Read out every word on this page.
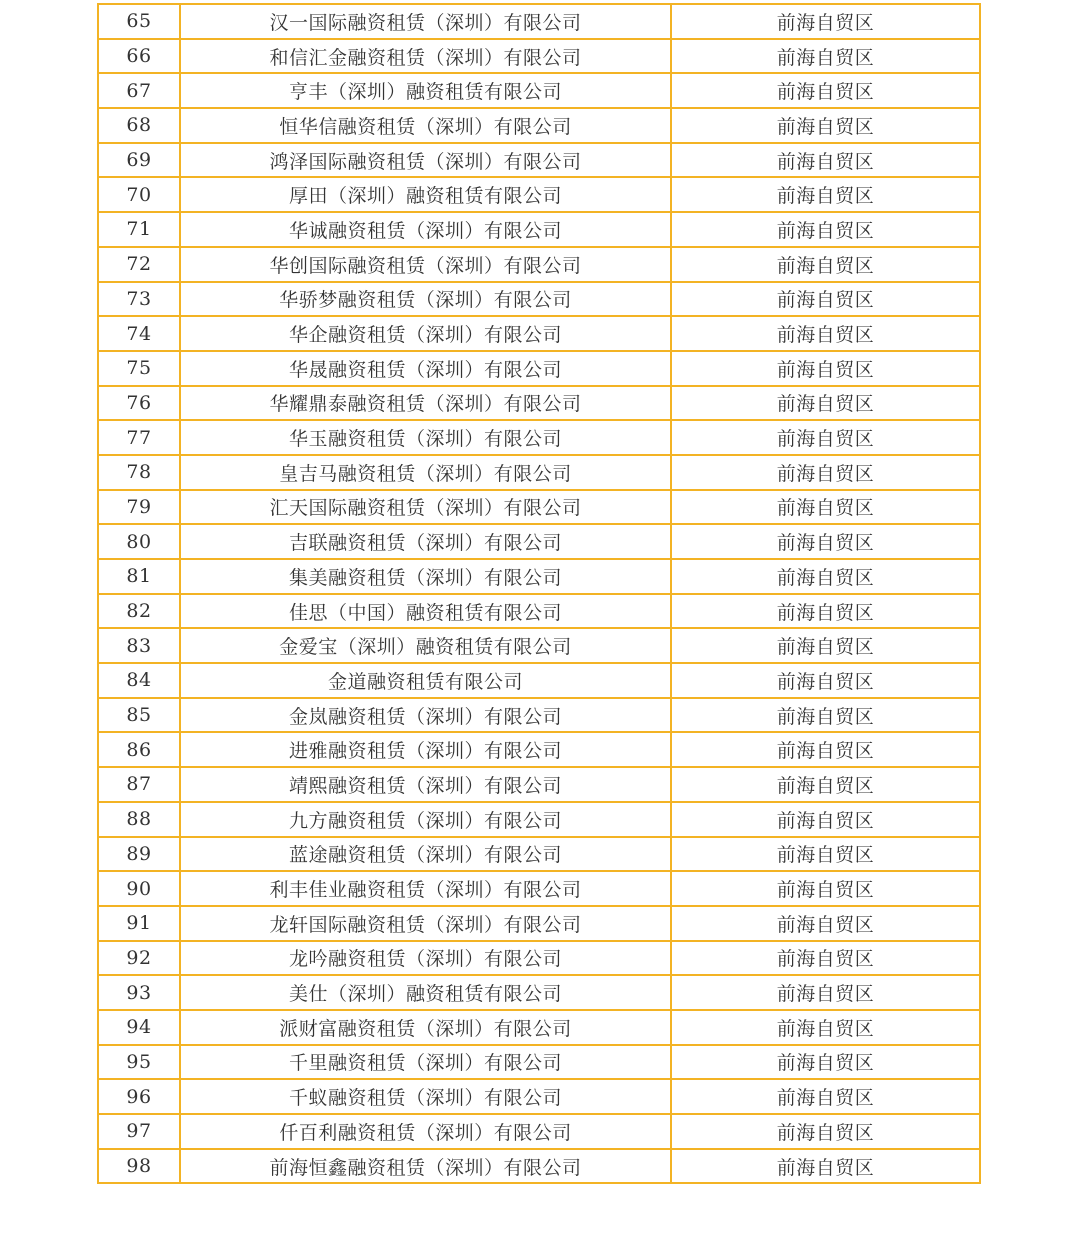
65	汉一国际融资租赁（深圳）有限公司	前海自贸区
66	和信汇金融资租赁（深圳）有限公司	前海自贸区
67	亨丰（深圳）融资租赁有限公司	前海自贸区
68	恒华信融资租赁（深圳）有限公司	前海自贸区
69	鸿泽国际融资租赁（深圳）有限公司	前海自贸区
70	厚田（深圳）融资租赁有限公司	前海自贸区
71	华诚融资租赁（深圳）有限公司	前海自贸区
72	华创国际融资租赁（深圳）有限公司	前海自贸区
73	华骄梦融资租赁（深圳）有限公司	前海自贸区
74	华企融资租赁（深圳）有限公司	前海自贸区
75	华晟融资租赁（深圳）有限公司	前海自贸区
76	华耀鼎泰融资租赁（深圳）有限公司	前海自贸区
77	华玉融资租赁（深圳）有限公司	前海自贸区
78	皇吉马融资租赁（深圳）有限公司	前海自贸区
79	汇天国际融资租赁（深圳）有限公司	前海自贸区
80	吉联融资租赁（深圳）有限公司	前海自贸区
81	集美融资租赁（深圳）有限公司	前海自贸区
82	佳思（中国）融资租赁有限公司	前海自贸区
83	金爱宝（深圳）融资租赁有限公司	前海自贸区
84	金道融资租赁有限公司	前海自贸区
85	金岚融资租赁（深圳）有限公司	前海自贸区
86	进雅融资租赁（深圳）有限公司	前海自贸区
87	靖熙融资租赁（深圳）有限公司	前海自贸区
88	九方融资租赁（深圳）有限公司	前海自贸区
89	蓝途融资租赁（深圳）有限公司	前海自贸区
90	利丰佳业融资租赁（深圳）有限公司	前海自贸区
91	龙轩国际融资租赁（深圳）有限公司	前海自贸区
92	龙吟融资租赁（深圳）有限公司	前海自贸区
93	美仕（深圳）融资租赁有限公司	前海自贸区
94	派财富融资租赁（深圳）有限公司	前海自贸区
95	千里融资租赁（深圳）有限公司	前海自贸区
96	千蚁融资租赁（深圳）有限公司	前海自贸区
97	仟百利融资租赁（深圳）有限公司	前海自贸区
98	前海恒鑫融资租赁（深圳）有限公司	前海自贸区
